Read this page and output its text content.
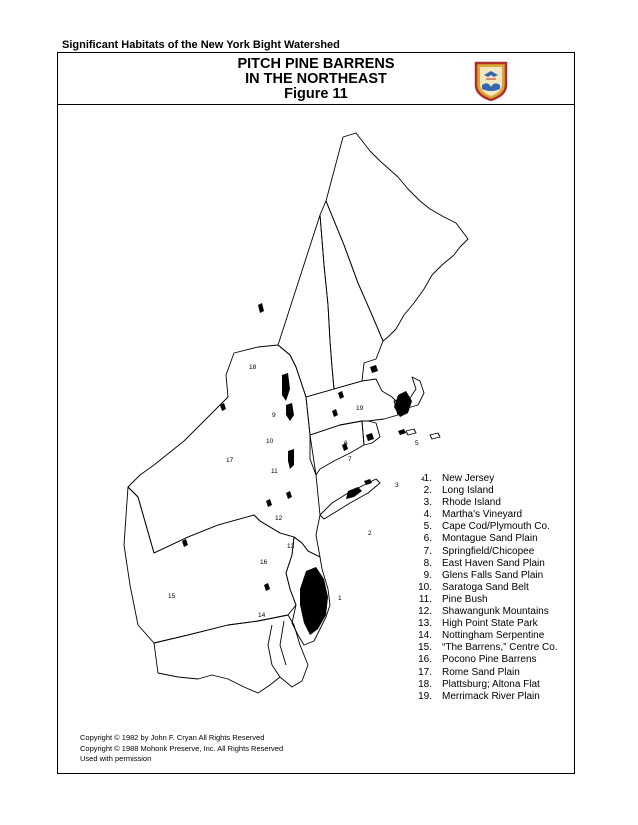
Significant Habitats of the New York Bight Watershed
PITCH PINE BARRENS
IN THE NORTHEAST
Figure 11
1
2
3
4
5
6
7
8
9
10
11
12
13
14
15
16
17
18
19
1.	New Jersey
2.	Long Island
3.	Rhode Island
4.	Martha's Vineyard
5.	Cape Cod/Plymouth Co.
6.	Montague Sand Plain
7.	Springfield/Chicopee
8.	East Haven Sand Plain
9.	Glens Falls Sand Plain
10.	Saratoga Sand Belt
11.	Pine Bush
12.	Shawangunk Mountains
13.	High Point State Park
14.	Nottingham Serpentine
15.	“The Barrens,” Centre Co.
16.	Pocono Pine Barrens
17.	Rome Sand Plain
18.	Plattsburg; Altona Flat
19.	Merrimack River Plain
Copyright © 1982 by John F. Cryan All Rights Reserved
Copyright © 1988 Mohonk Preserve, Inc. All Rights Reserved
Used with permission
